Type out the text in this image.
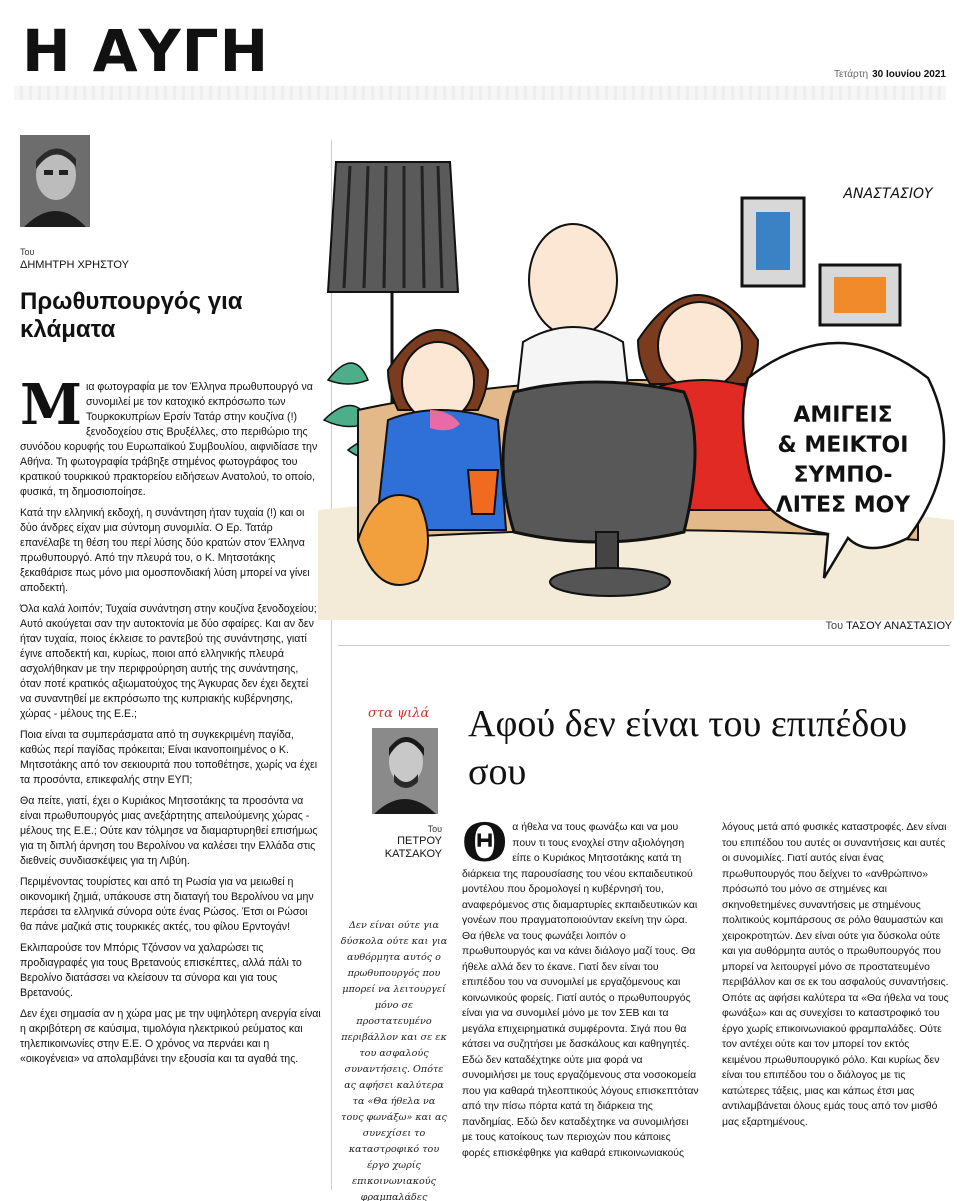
Η ΑΥΓΗ	Τετάρτη 30 Ιουνίου 2021
Του
ΔΗΜΗΤΡΗ ΧΡΗΣΤΟΥ
Πρωθυπουργός για κλάματα

Μια φωτογραφία με τον Έλληνα πρωθυπουργό να συνομιλεί με τον κατοχικό εκπρόσωπο των Τουρκοκυπρίων Ερσίν Τατάρ στην κουζίνα (!) ξενοδοχείου στις Βρυξέλλες, στο περιθώριο της συνόδου κορυφής του Ευρωπαϊκού Συμβουλίου, αιφνιδίασε την Αθήνα. Τη φωτογραφία τράβηξε στημένος φωτογράφος του κρατικού τουρκικού πρακτορείου ειδήσεων Ανατολού, το οποίο, φυσικά, τη δημοσιοποίησε.

Κατά την ελληνική εκδοχή, η συνάντηση ήταν τυχαία (!) και οι δύο άνδρες είχαν μια σύντομη συνομιλία. Ο Ερ. Τατάρ επανέλαβε τη θέση του περί λύσης δύο κρατών στον Έλληνα πρωθυπουργό. Από την πλευρά του, ο Κ. Μητσοτάκης ξεκαθάρισε πως μόνο μια ομοσπονδιακή λύση μπορεί να γίνει αποδεκτή.

Όλα καλά λοιπόν; Τυχαία συνάντηση στην κουζίνα ξενοδοχείου; Αυτό ακούγεται σαν την αυτοκτονία με δύο σφαίρες. Και αν δεν ήταν τυχαία, ποιος έκλεισε το ραντεβού της συνάντησης, γιατί έγινε αποδεκτή και, κυρίως, ποιοι από ελληνικής πλευρά ασχολήθηκαν με την περιφρούρηση αυτής της συνάντησης, όταν ποτέ κρατικός αξιωματούχος της Άγκυρας δεν έχει δεχτεί να συναντηθεί με εκπρόσωπο της κυπριακής κυβέρνησης, χώρας - μέλους της Ε.Ε.;

Ποια είναι τα συμπεράσματα από τη συγκεκριμένη παγίδα, καθώς περί παγίδας πρόκειται; Είναι ικανοποιημένος ο Κ. Μητσοτάκης από τον σεκιουριτά που τοποθέτησε, χωρίς να έχει τα προσόντα, επικεφαλής στην ΕΥΠ;

Θα πείτε, γιατί, έχει ο Κυριάκος Μητσοτάκης τα προσόντα να είναι πρωθυπουργός μιας ανεξάρτητης απειλούμενης χώρας - μέλους της Ε.Ε.; Ούτε καν τόλμησε να διαμαρτυρηθεί επισήμως για τη διπλή άρνηση του Βερολίνου να καλέσει την Ελλάδα στις διεθνείς συνδιασκέψεις για τη Λιβύη.

Περιμένοντας τουρίστες και από τη Ρωσία για να μειωθεί η οικονομική ζημιά, υπάκουσε στη διαταγή του Βερολίνου να μην περάσει τα ελληνικά σύνορα ούτε ένας Ρώσος. Έτσι οι Ρώσοι θα πάνε μαζικά στις τουρκικές ακτές, του φίλου Ερντογάν!

Εκλιπαρούσε τον Μπόρις Τζόνσον να χαλαρώσει τις προδιαγραφές για τους Βρετανούς επισκέπτες, αλλά πάλι το Βερολίνο διατάσσει να κλείσουν τα σύνορα και για τους Βρετανούς.

Δεν έχει σημασία αν η χώρα μας με την υψηλότερη ανεργία είναι η ακριβότερη σε καύσιμα, τιμολόγια ηλεκτρικού ρεύματος και τηλεπικοινωνίες στην Ε.Ε. Ο χρόνος να περνάει και η «οικογένεια» να απολαμβάνει την εξουσία και τα αγαθά της.

ΑΜΙΓΕΙΣ
& ΜΕΙΚΤΟΙ
ΣΥΜΠΟ-
ΛΙΤΕΣ ΜΟΥ
ΑΝΑΣΤΑΣΙΟΥ
Του ΤΑΣΟΥ ΑΝΑΣΤΑΣΙΟΥ
στα ψιλά Αφού δεν είναι του επιπέδου σου
Του
ΠΕΤΡΟΥ ΚΑΤΣΑΚΟΥ
Δεν είναι ούτε για δύσκολα ούτε και για αυθόρμητα αυτός ο πρωθυπουργός που μπορεί να λειτουργεί μόνο σε προστατευμένο περιβάλλον και σε εκ του ασφαλούς συναντήσεις. Οπότε ας αφήσει καλύτερα τα «Θα ήθελα να τους φωνάξω» και ας συνεχίσει το καταστροφικό του έργο χωρίς επικοινωνιακούς φραμπαλάδες
Θα ήθελα να τους φωνάξω και να μου πουν τι τους ενοχλεί στην αξιολόγηση είπε ο Κυριάκος Μητσοτάκης κατά τη διάρκεια της παρουσίασης του νέου εκπαιδευτικού μοντέλου που δρομολογεί η κυβέρνησή του, αναφερόμενος στις διαμαρτυρίες εκπαιδευτικών και γονέων που πραγματοποιούνταν εκείνη την ώρα. Θα ήθελε να τους φωνάξει λοιπόν ο πρωθυπουργός και να κάνει διάλογο μαζί τους. Θα ήθελε αλλά δεν το έκανε. Γιατί δεν είναι του επιπέδου του να συνομιλεί με εργαζόμενους και κοινωνικούς φορείς. Γιατί αυτός ο πρωθυπουργός είναι για να συνομιλεί μόνο με τον ΣΕΒ και τα μεγάλα επιχειρηματικά συμφέροντα. Σιγά που θα κάτσει να συζητήσει με δασκάλους και καθηγητές. Εδώ δεν καταδέχτηκε ούτε μια φορά να συνομιλήσει με τους εργαζόμενους στα νοσοκομεία που για καθαρά τηλεοπτικούς λόγους επισκεπτόταν από την πίσω πόρτα κατά τη διάρκεια της πανδημίας. Εδώ δεν καταδέχτηκε να συνομιλήσει με τους κατοίκους των περιοχών που κάποιες φορές επισκέφθηκε για καθαρά επικοινωνιακούς
λόγους μετά από φυσικές καταστροφές. Δεν είναι του επιπέδου του αυτές οι συναντήσεις και αυτές οι συνομιλίες. Γιατί αυτός είναι ένας πρωθυπουργός που δείχνει το «ανθρώπινο» πρόσωπό του μόνο σε στημένες και σκηνοθετημένες συναντήσεις με στημένους πολιτικούς κομπάρσους σε ρόλο θαυμαστών και χειροκροτητών. Δεν είναι ούτε για δύσκολα ούτε και για αυθόρμητα αυτός ο πρωθυπουργός που μπορεί να λειτουργεί μόνο σε προστατευμένο περιβάλλον και σε εκ του ασφαλούς συναντήσεις. Οπότε ας αφήσει καλύτερα τα «Θα ήθελα να τους φωνάξω» και ας συνεχίσει το καταστροφικό του έργο χωρίς επικοινωνιακού φραμπαλάδες. Ούτε τον αντέχει ούτε και τον μπορεί τον εκτός κειμένου πρωθυπουργικό ρόλο. Και κυρίως δεν είναι του επιπέδου του ο διάλογος με τις κατώτερες τάξεις, μιας και κάπως έτσι μας αντιλαμβάνεται όλους εμάς τους από τον μισθό μας εξαρτημένους.
